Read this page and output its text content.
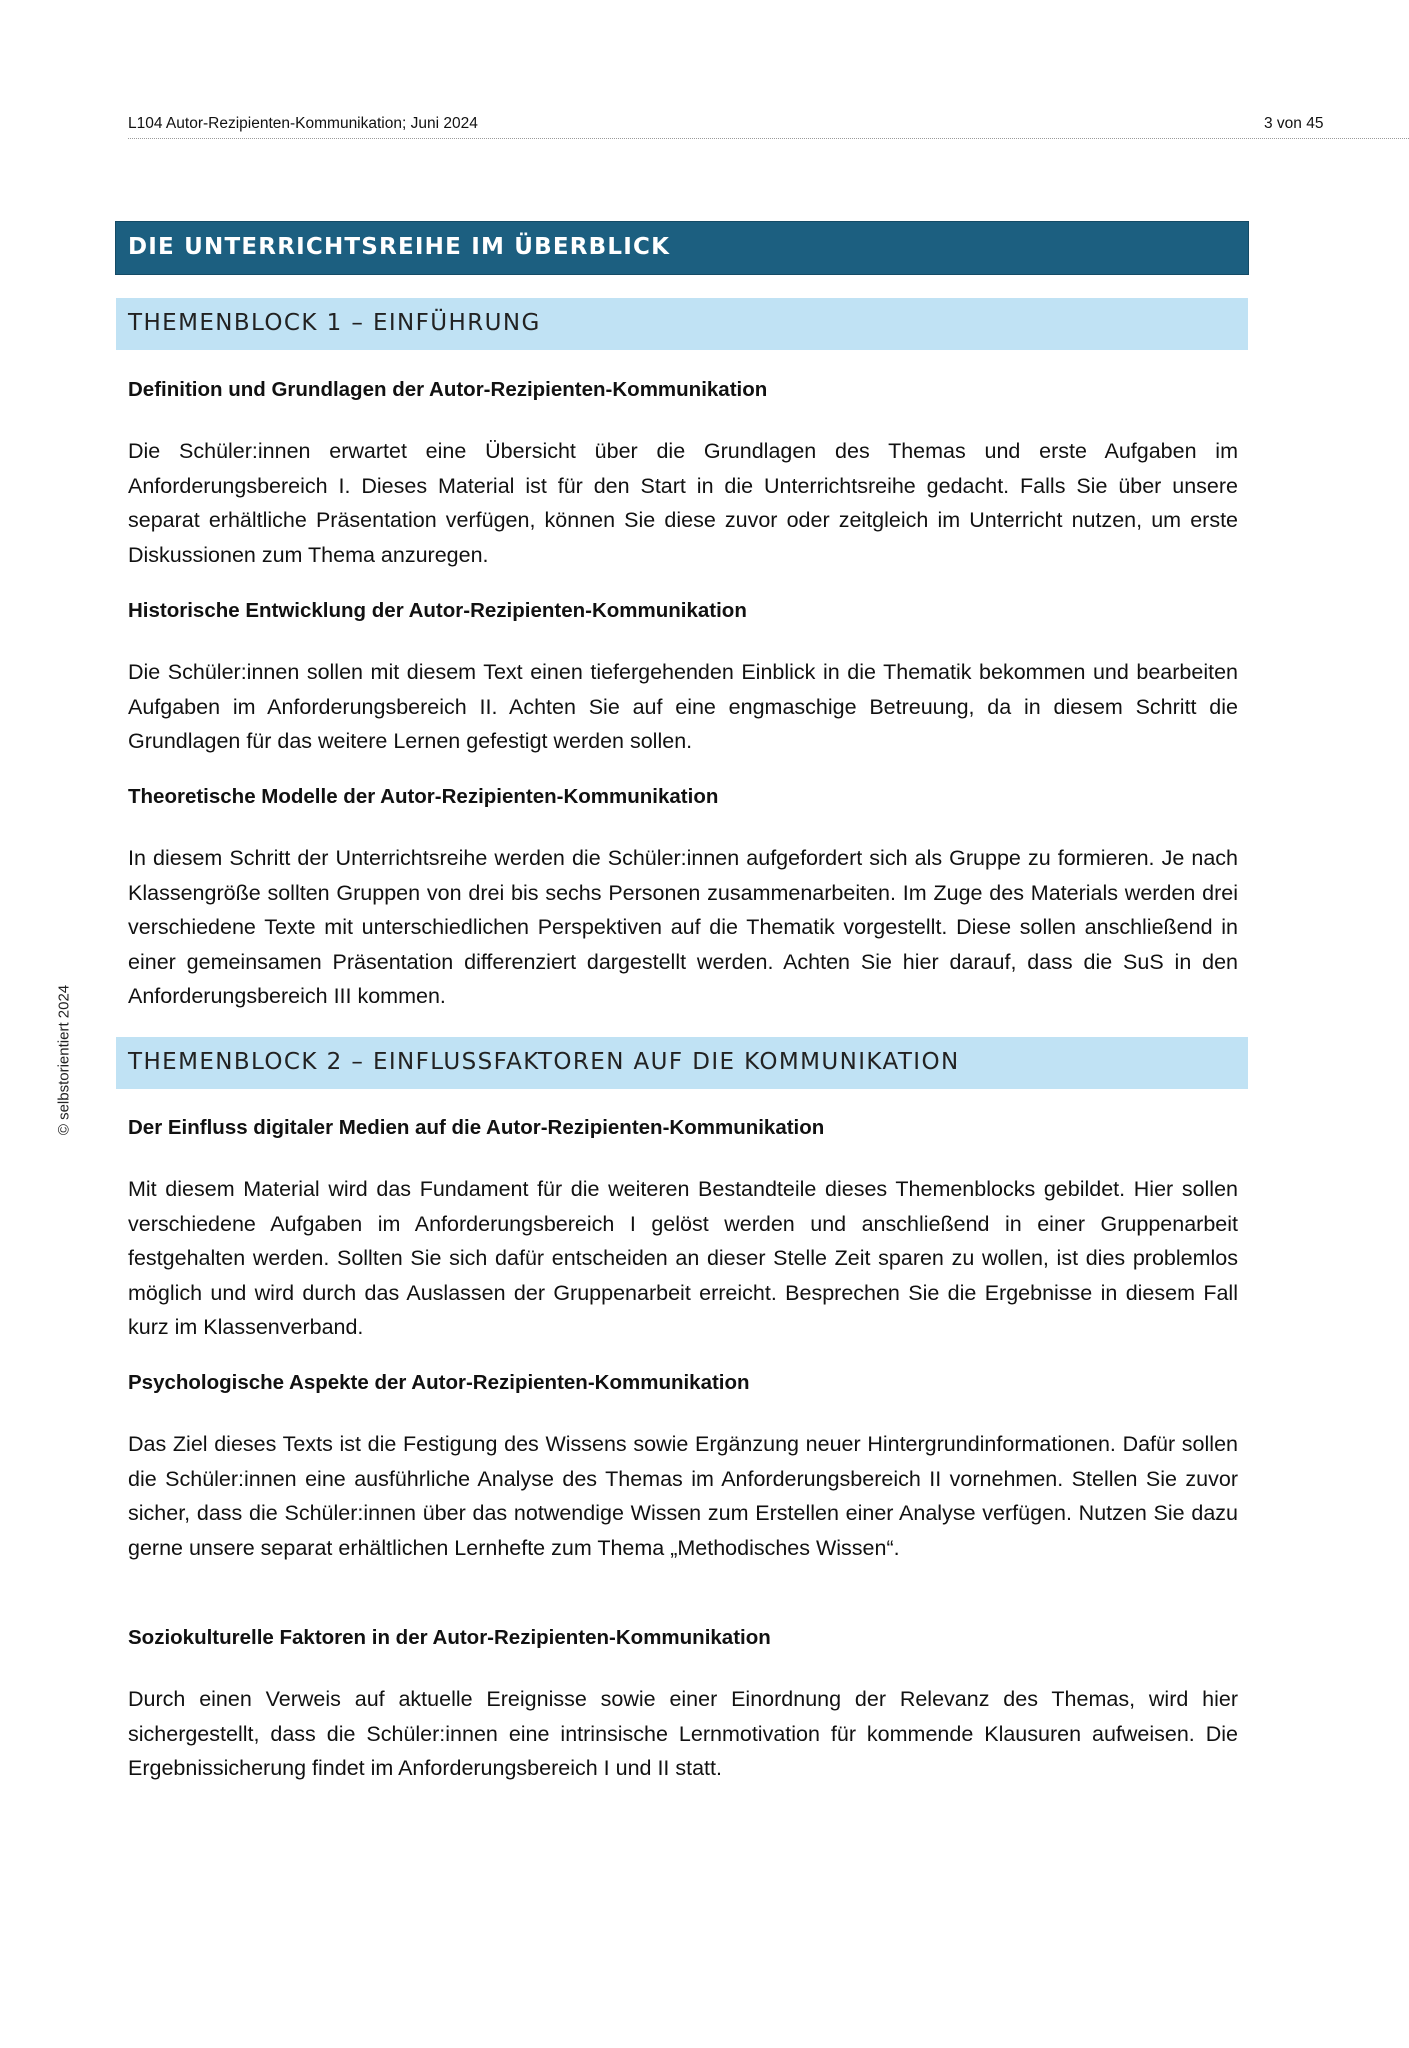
L104 Autor-Rezipienten-Kommunikation; Juni 2024	3 von 45
© selbstorientiert 2024
DIE UNTERRICHTSREIHE IM ÜBERBLICK
THEMENBLOCK 1 – EINFÜHRUNG
Definition und Grundlagen der Autor-Rezipienten-Kommunikation

Die Schüler:innen erwartet eine Übersicht über die Grundlagen des Themas und erste Aufgaben im Anforderungsbereich I. Dieses Material ist für den Start in die Unterrichtsreihe gedacht. Falls Sie über unsere separat erhältliche Präsentation verfügen, können Sie diese zuvor oder zeitgleich im Unterricht nutzen, um erste Diskussionen zum Thema anzuregen.

Historische Entwicklung der Autor-Rezipienten-Kommunikation

Die Schüler:innen sollen mit diesem Text einen tiefergehenden Einblick in die Thematik bekommen und bearbeiten Aufgaben im Anforderungsbereich II. Achten Sie auf eine engmaschige Betreuung, da in diesem Schritt die Grundlagen für das weitere Lernen gefestigt werden sollen.

Theoretische Modelle der Autor-Rezipienten-Kommunikation

In diesem Schritt der Unterrichtsreihe werden die Schüler:innen aufgefordert sich als Gruppe zu formieren. Je nach Klassengröße sollten Gruppen von drei bis sechs Personen zusammenarbeiten. Im Zuge des Materials werden drei verschiedene Texte mit unterschiedlichen Perspektiven auf die Thematik vorgestellt. Diese sollen anschließend in einer gemeinsamen Präsentation differenziert dargestellt werden. Achten Sie hier darauf, dass die SuS in den Anforderungsbereich III kommen.

THEMENBLOCK 2 – EINFLUSSFAKTOREN AUF DIE KOMMUNIKATION
Der Einfluss digitaler Medien auf die Autor-Rezipienten-Kommunikation

Mit diesem Material wird das Fundament für die weiteren Bestandteile dieses Themenblocks gebildet. Hier sollen verschiedene Aufgaben im Anforderungsbereich I gelöst werden und anschließend in einer Gruppenarbeit festgehalten werden. Sollten Sie sich dafür entscheiden an dieser Stelle Zeit sparen zu wollen, ist dies problemlos möglich und wird durch das Auslassen der Gruppenarbeit erreicht. Besprechen Sie die Ergebnisse in diesem Fall kurz im Klassenverband.

Psychologische Aspekte der Autor-Rezipienten-Kommunikation

Das Ziel dieses Texts ist die Festigung des Wissens sowie Ergänzung neuer Hintergrundinformationen. Dafür sollen die Schüler:innen eine ausführliche Analyse des Themas im Anforderungsbereich II vornehmen. Stellen Sie zuvor sicher, dass die Schüler:innen über das notwendige Wissen zum Erstellen einer Analyse verfügen. Nutzen Sie dazu gerne unsere separat erhältlichen Lernhefte zum Thema „Methodisches Wissen“.

Soziokulturelle Faktoren in der Autor-Rezipienten-Kommunikation

Durch einen Verweis auf aktuelle Ereignisse sowie einer Einordnung der Relevanz des Themas, wird hier sichergestellt, dass die Schüler:innen eine intrinsische Lernmotivation für kommende Klausuren aufweisen. Die Ergebnissicherung findet im Anforderungsbereich I und II statt.
